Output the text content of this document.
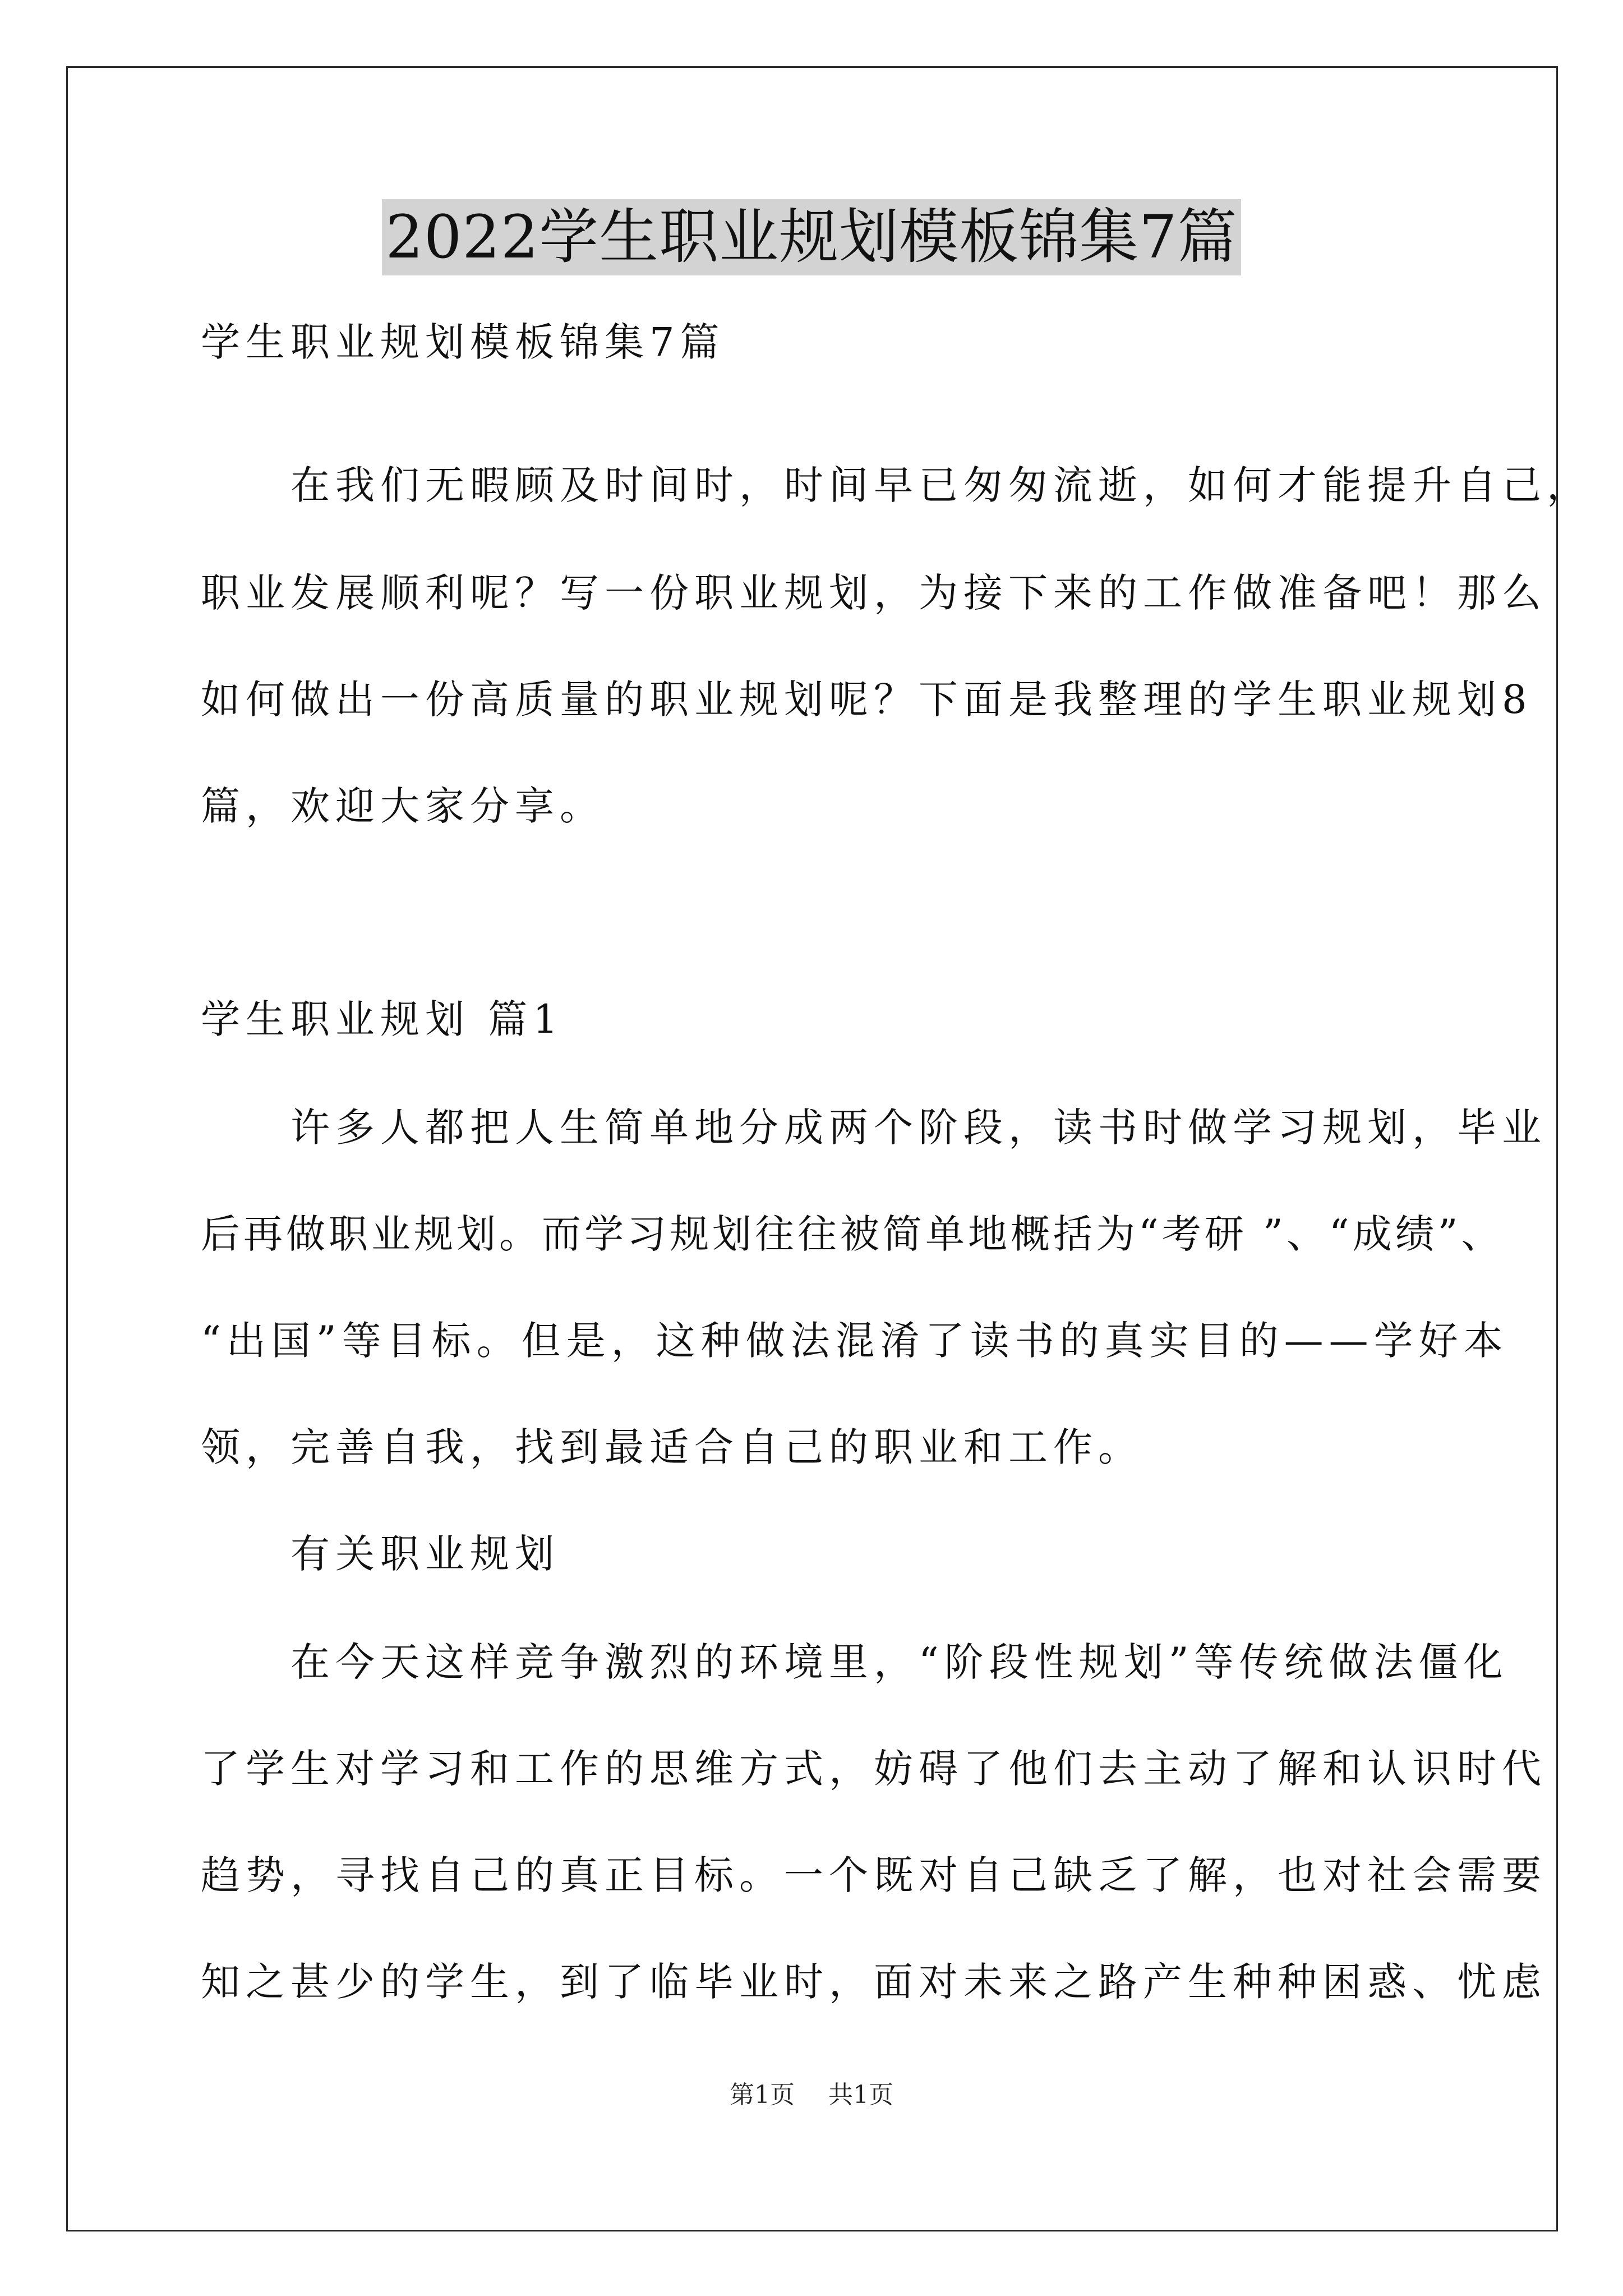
2022学生职业规划模板锦集7篇
学生职业规划模板锦集7篇
　　在我们无暇顾及时间时，时间早已匆匆流逝，如何才能提升自己，
职业发展顺利呢？写一份职业规划，为接下来的工作做准备吧！那么
如何做出一份高质量的职业规划呢？下面是我整理的学生职业规划8
篇，欢迎大家分享。
学生职业规划 篇1
　　许多人都把人生简单地分成两个阶段，读书时做学习规划，毕业
后再做职业规划。而学习规划往往被简单地概括为“考研 ”、“成绩”、
“出国”等目标。但是，这种做法混淆了读书的真实目的——学好本
领，完善自我，找到最适合自己的职业和工作。
　　有关职业规划
　　在今天这样竞争激烈的环境里，“阶段性规划”等传统做法僵化
了学生对学习和工作的思维方式，妨碍了他们去主动了解和认识时代
趋势，寻找自己的真正目标。一个既对自己缺乏了解，也对社会需要
知之甚少的学生，到了临毕业时，面对未来之路产生种种困惑、忧虑
第1页 共1页
